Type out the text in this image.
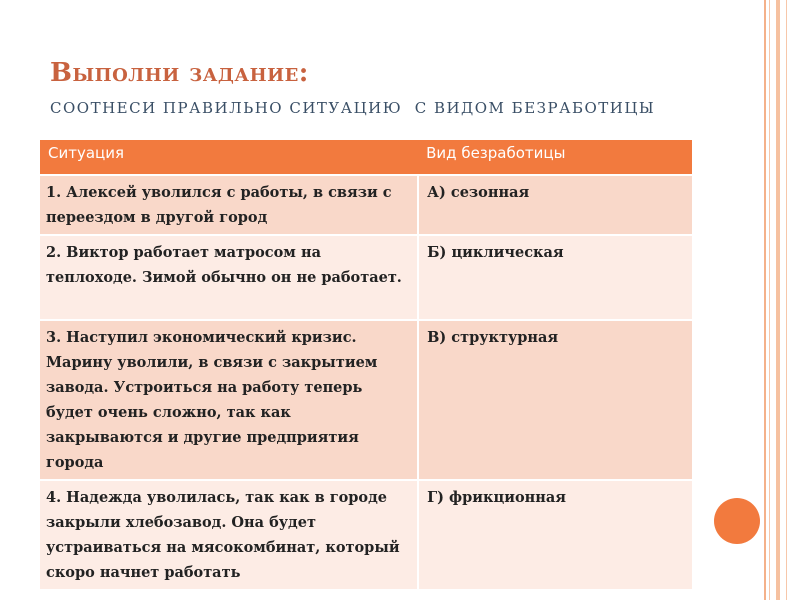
Выполни задание:
СООТНЕСИ ПРАВИЛЬНО СИТУАЦИЮ  С ВИДОМ БЕЗРАБОТИЦЫ
Ситуация	Вид безработицы
1. Алексей уволился с работы, в связи с переездом в другой город	А) сезонная
2. Виктор работает матросом на теплоходе. Зимой обычно он не работает.	Б) циклическая
3. Наступил экономический кризис. Марину уволили, в связи с закрытием завода. Устроиться на работу теперь будет очень сложно, так как закрываются и другие предприятия города	В) структурная
4. Надежда уволилась, так как в городе закрыли хлебозавод. Она будет устраиваться на мясокомбинат, который скоро начнет работать	Г) фрикционная
